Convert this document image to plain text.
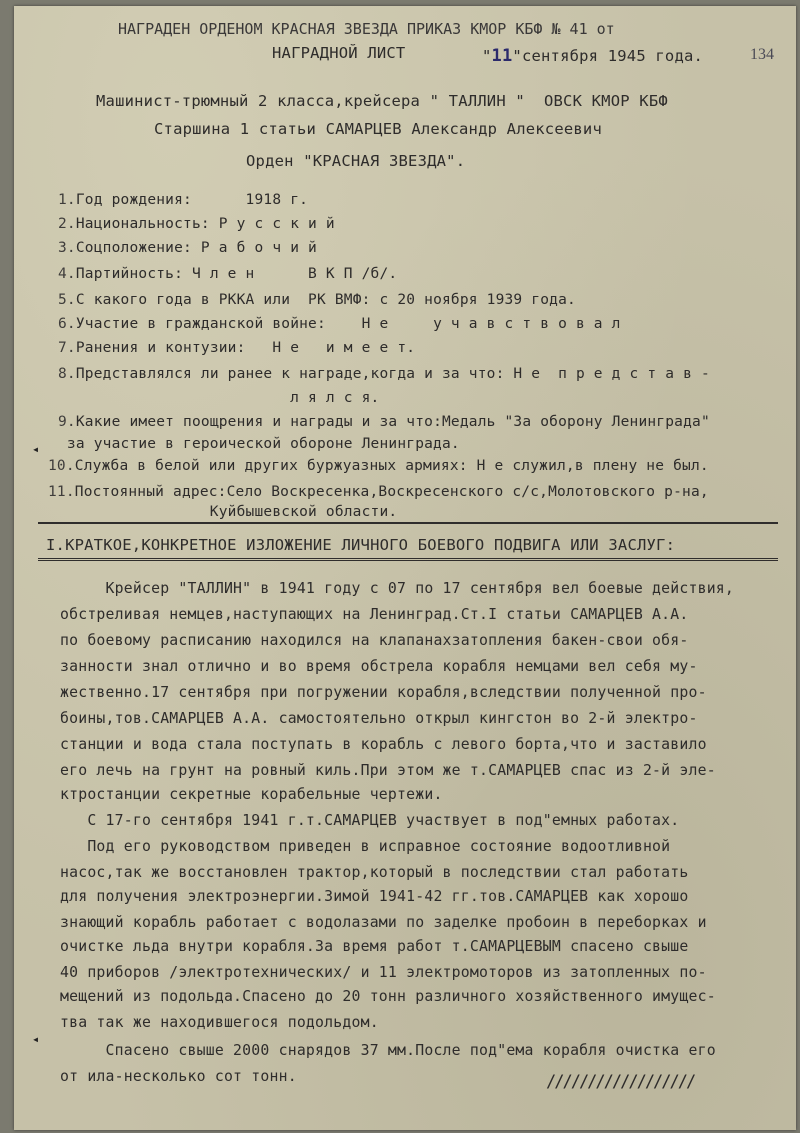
НАГРАДЕН ОРДЕНОМ КРАСНАЯ ЗВЕЗДА ПРИКАЗ КМОР КБФ № 41 от
НАГРАДНОЙ ЛИСТ	"11"сентября 1945 года.	134
Машинист-трюмный 2 класса,крейсера " ТАЛЛИН "  ОВСК КМОР КБФ
Старшина 1 статьи САМАРЦЕВ Александр Алексеевич
Орден "КРАСНАЯ ЗВЕЗДА".
1.Год рождения:      1918 г.
2.Национальность: Р у с с к и й
3.Соцположение: Р а б о ч и й
4.Партийность: Ч л е н      В К П /б/.
5.С какого года в РККА или  РК ВМФ: с 20 ноября 1939 года.
6.Участие в гражданской войне:    Н е     у ч а в с т в о в а л
7.Ранения и контузии:   Н е   и м е е т.
8.Представлялся ли ранее к награде,когда и за что: Н е  п р е д с т а в -
л я л с я.
9.Какие имеет поощрения и награды и за что:Медаль "За оборону Ленинграда"
за участие в героической обороне Ленинграда.
10.Служба в белой или других буржуазных армиях: Н е служил,в плену не был.
11.Постоянный адрес:Село Воскресенка,Воскресенского с/с,Молотовского р-на,
Куйбышевской области.
I.КРАТКОЕ,КОНКРЕТНОЕ ИЗЛОЖЕНИЕ ЛИЧНОГО БОЕВОГО ПОДВИГА ИЛИ ЗАСЛУГ:
Крейсер "ТАЛЛИН" в 1941 году с 07 по 17 сентября вел боевые действия,
обстреливая немцев,наступающих на Ленинград.Ст.I статьи САМАРЦЕВ А.А.
по боевому расписанию находился на клапанахзатопления бакен-свои обя-
занности знал отлично и во время обстрела корабля немцами вел себя му-
жественно.17 сентября при погружении корабля,вследствии полученной про-
боины,тов.САМАРЦЕВ А.А. самостоятельно открыл кингстон во 2-й электро-
станции и вода стала поступать в корабль с левого борта,что и заставило
его лечь на грунт на ровный киль.При этом же т.САМАРЦЕВ спас из 2-й эле-
ктростанции секретные корабельные чертежи.
С 17-го сентября 1941 г.т.САМАРЦЕВ участвует в под"емных работах.
Под его руководством приведен в исправное состояние водоотливной
насос,так же восстановлен трактор,который в последствии стал работать
для получения электроэнергии.Зимой 1941-42 гг.тов.САМАРЦЕВ как хорошо
знающий корабль работает с водолазами по заделке пробоин в переборках и
очистке льда внутри корабля.За время работ т.САМАРЦЕВЫМ спасено свыше
40 приборов /электротехнических/ и 11 электромоторов из затопленных по-
мещений из подольда.Спасено до 20 тонн различного хозяйственного имущес-
тва так же находившегося подольдом.
Спасено свыше 2000 снарядов 37 мм.После под"ема корабля очистка его
от ила-несколько сот тонн.	//////////////////
◂
◂
